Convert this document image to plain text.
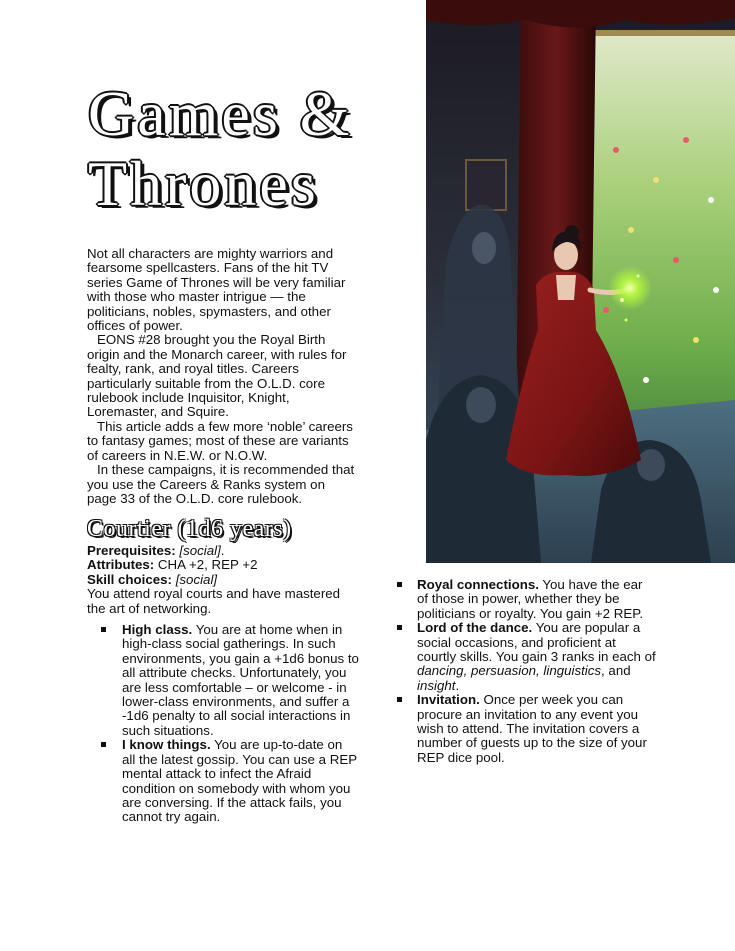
Games &
Thrones

Not all characters are mighty warriors and fearsome spellcasters. Fans of the hit TV series Game of Thrones will be very familiar with those who master intrigue — the politicians, nobles, spymasters, and other offices of power.

EONS #28 brought you the Royal Birth origin and the Monarch career, with rules for fealty, rank, and royal titles. Careers particularly suitable from the O.L.D. core rulebook include Inquisitor, Knight, Loremaster, and Squire.

This article adds a few more ‘noble’ careers to fantasy games; most of these are variants of careers in N.E.W. or N.O.W.

In these campaigns, it is recommended that you use the Careers & Ranks system on page 33 of the O.L.D. core rulebook.

Courtier (1d6 years)

Prerequisites: [social].

Attributes: CHA +2, REP +2

Skill choices: [social]

You attend royal courts and have mastered the art of networking.

High class. You are at home when in high-class social gatherings. In such environments, you gain a +1d6 bonus to all attribute checks. Unfortunately, you are less comfortable – or welcome - in lower-class environments, and suffer a -1d6 penalty to all social interactions in such situations.
I know things. You are up-to-date on all the latest gossip. You can use a REP mental attack to infect the Afraid condition on somebody with whom you are conversing. If the attack fails, you cannot try again.
Royal connections. You have the ear of those in power, whether they be politicians or royalty. You gain +2 REP.
Lord of the dance. You are popular a social occasions, and proficient at courtly skills. You gain 3 ranks in each of dancing, persuasion, linguistics, and insight.
Invitation. Once per week you can procure an invitation to any event you wish to attend. The invitation covers a number of guests up to the size of your REP dice pool.
